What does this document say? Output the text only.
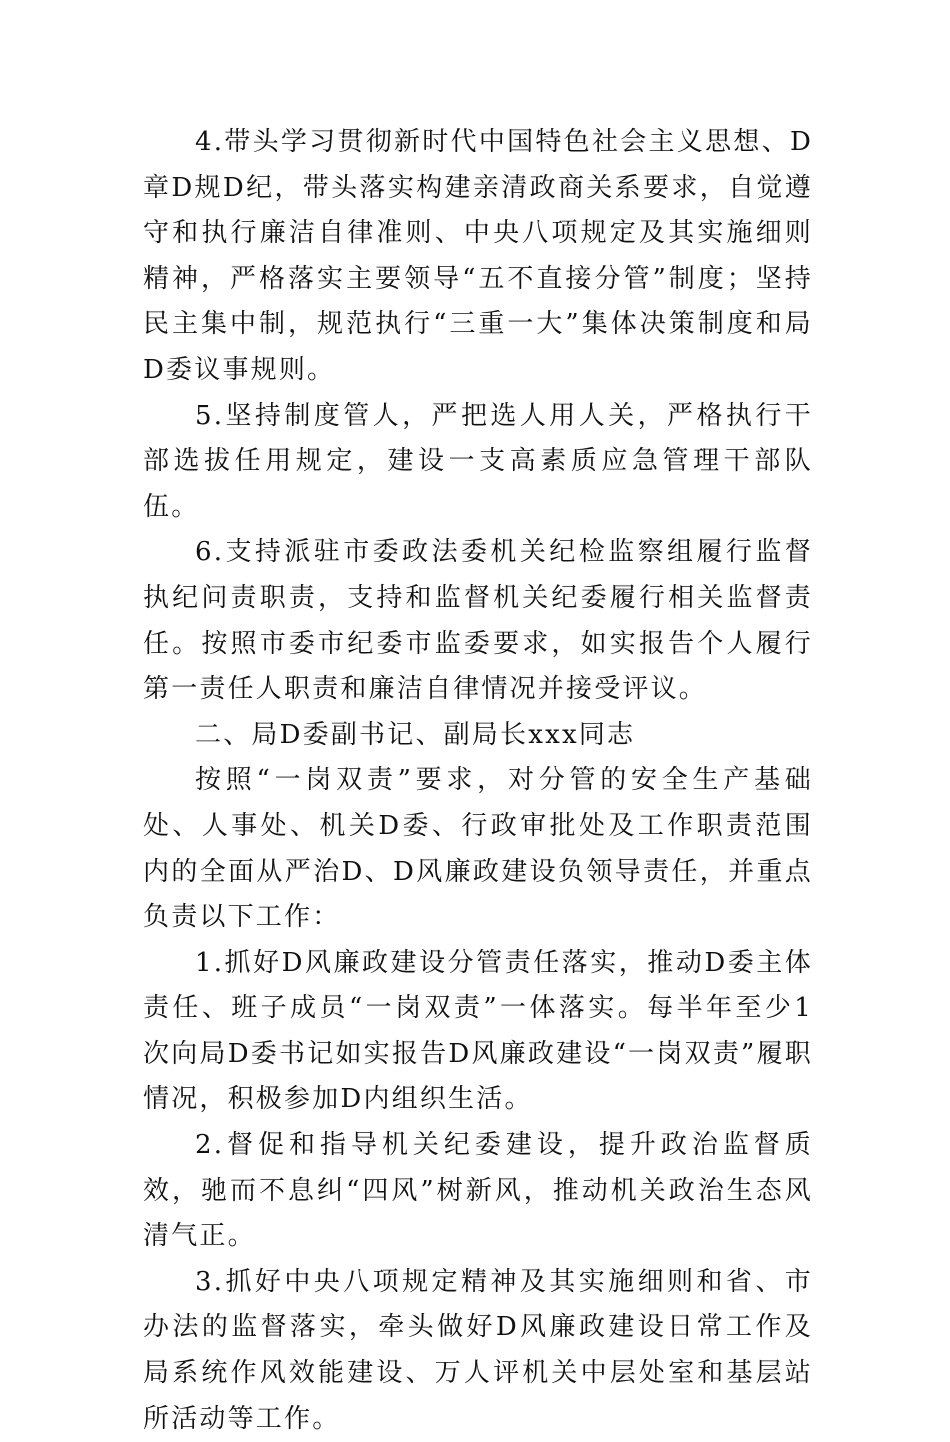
4.带头学习贯彻新时代中国特色社会主义思想、D章D规D纪，带头落实构建亲清政商关系要求，自觉遵守和执行廉洁自律准则、中央八项规定及其实施细则精神，严格落实主要领导“五不直接分管”制度；坚持民主集中制，规范执行“三重一大”集体决策制度和局D委议事规则。

5.坚持制度管人，严把选人用人关，严格执行干部选拔任用规定，建设一支高素质应急管理干部队伍。

6.支持派驻市委政法委机关纪检监察组履行监督执纪问责职责，支持和监督机关纪委履行相关监督责任。按照市委市纪委市监委要求，如实报告个人履行第一责任人职责和廉洁自律情况并接受评议。

二、局D委副书记、副局长xxx同志

按照“一岗双责”要求，对分管的安全生产基础处、人事处、机关D委、行政审批处及工作职责范围内的全面从严治D、D风廉政建设负领导责任，并重点负责以下工作：

1.抓好D风廉政建设分管责任落实，推动D委主体责任、班子成员“一岗双责”一体落实。每半年至少1次向局D委书记如实报告D风廉政建设“一岗双责”履职情况，积极参加D内组织生活。

2.督促和指导机关纪委建设，提升政治监督质效，驰而不息纠“四风”树新风，推动机关政治生态风清气正。

3.抓好中央八项规定精神及其实施细则和省、市办法的监督落实，牵头做好D风廉政建设日常工作及局系统作风效能建设、万人评机关中层处室和基层站所活动等工作。
